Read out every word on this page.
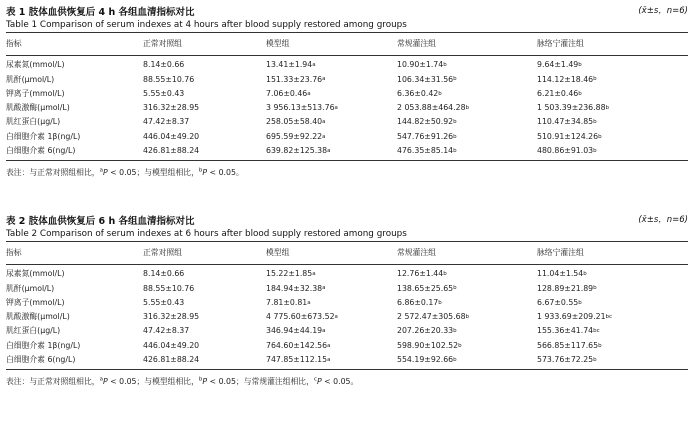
表 1 肢体血供恢复后 4 h 各组血清指标对比	(x̄±s，n=6)
Table 1 Comparison of serum indexes at 4 hours after blood supply restored among groups
指标	正常对照组	模型组	常规灌注组	脉络宁灌注组
尿素氮(mmol/L)	8.14±0.66	13.41±1.94 a	10.90±1.74 b	9.64±1.49 b
肌酐(μmol/L)	88.55±10.76	151.33±23.76 a	106.34±31.56 b	114.12±18.46 b
钾离子(mmol/L)	5.55±0.43	7.06±0.46 a	6.36±0.42 b	6.21±0.46 b
肌酸激酶(μmol/L)	316.32±28.95	3 956.13±513.76 a	2 053.88±464.28 b	1 503.39±236.88 b
肌红蛋白(μg/L)	47.42±8.37	258.05±58.40 a	144.82±50.92 b	110.47±34.85 b
白细胞介素 1β(ng/L)	446.04±49.20	695.59±92.22 a	547.76±91.26 b	510.91±124.26 b
白细胞介素 6(ng/L)	426.81±88.24	639.82±125.38 a	476.35±85.14 b	480.86±91.03 b
表注：与正常对照组相比，$^a$P < 0.05；与模型组相比，$^b$P < 0.05。
表 2 肢体血供恢复后 6 h 各组血清指标对比	(x̄±s，n=6)
Table 2 Comparison of serum indexes at 6 hours after blood supply restored among groups
指标	正常对照组	模型组	常规灌注组	脉络宁灌注组
尿素氮(mmol/L)	8.14±0.66	15.22±1.85 a	12.76±1.44 b	11.04±1.54 b
肌酐(μmol/L)	88.55±10.76	184.94±32.38 a	138.65±25.65 b	128.89±21.89 b
钾离子(mmol/L)	5.55±0.43	7.81±0.81 a	6.86±0.17 b	6.67±0.55 b
肌酸激酶(μmol/L)	316.32±28.95	4 775.60±673.52 a	2 572.47±305.68 b	1 933.69±209.21 bc
肌红蛋白(μg/L)	47.42±8.37	346.94±44.19 a	207.26±20.33 b	155.36±41.74 bc
白细胞介素 1β(ng/L)	446.04±49.20	764.60±142.56 a	598.90±102.52 b	566.85±117.65 b
白细胞介素 6(ng/L)	426.81±88.24	747.85±112.15 a	554.19±92.66 b	573.76±72.25 b
表注：与正常对照组相比，$^a$P < 0.05；与模型组相比，$^b$P < 0.05；与常规灌注组相比，$^c$P < 0.05。
